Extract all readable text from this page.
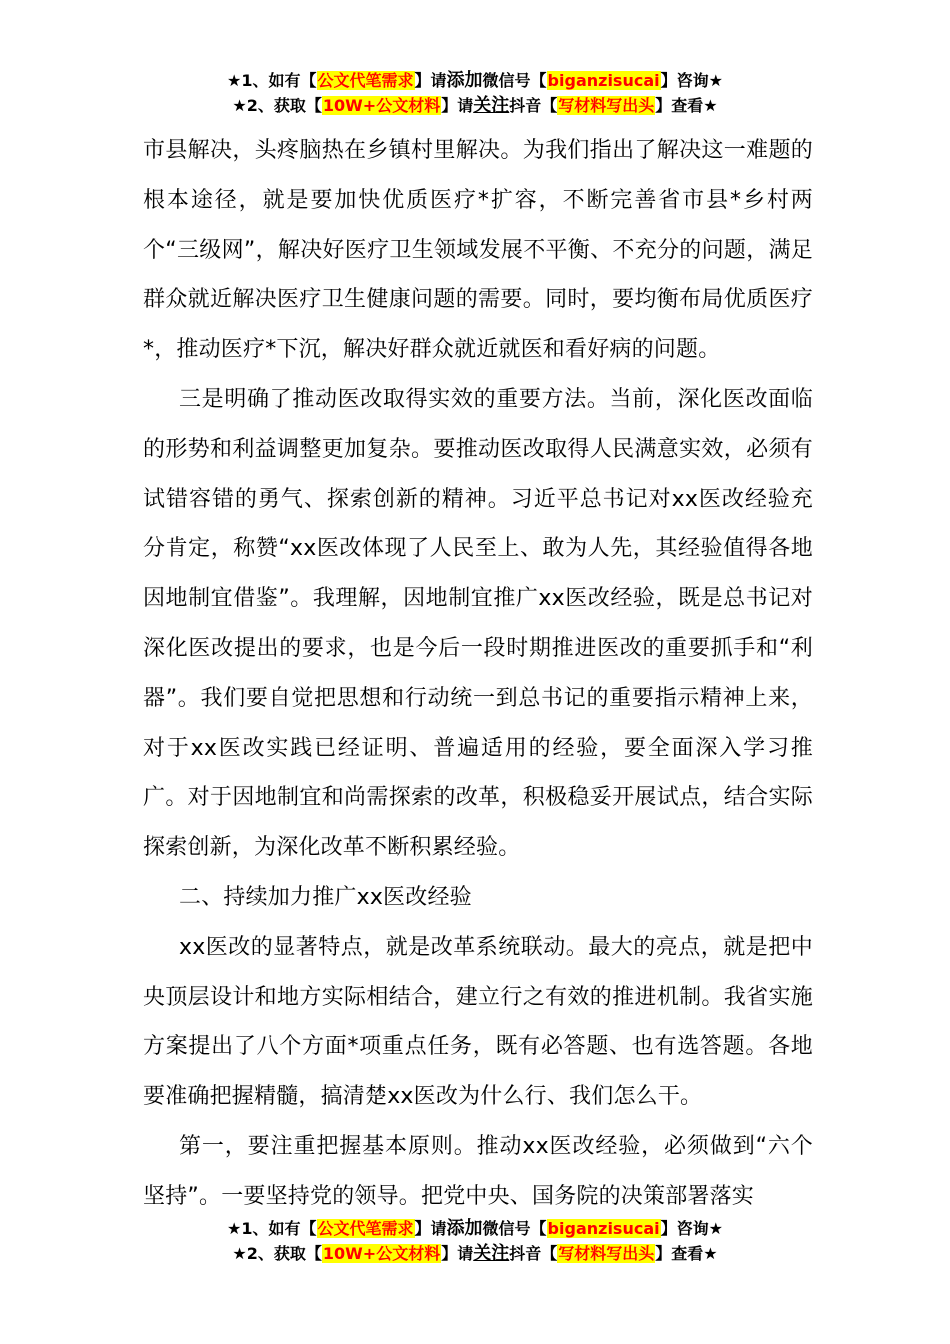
★1、如有【公文代笔需求】请添加微信号【biganzisucai】咨询★
★2、获取【10W+公文材料】请关注抖音【写材料写出头】查看★

市县解决，头疼脑热在乡镇村里解决。为我们指出了解决这一难题的根本途径，就是要加快优质医疗*扩容，不断完善省市县*乡村两个“三级网”，解决好医疗卫生领域发展不平衡、不充分的问题，满足群众就近解决医疗卫生健康问题的需要。同时，要均衡布局优质医疗*，推动医疗*下沉，解决好群众就近就医和看好病的问题。

三是明确了推动医改取得实效的重要方法。当前，深化医改面临的形势和利益调整更加复杂。要推动医改取得人民满意实效，必须有试错容错的勇气、探索创新的精神。习近平总书记对xx医改经验充分肯定，称赞“xx医改体现了人民至上、敢为人先，其经验值得各地因地制宜借鉴”。我理解，因地制宜推广xx医改经验，既是总书记对深化医改提出的要求，也是今后一段时期推进医改的重要抓手和“利器”。我们要自觉把思想和行动统一到总书记的重要指示精神上来，对于xx医改实践已经证明、普遍适用的经验，要全面深入学习推广。对于因地制宜和尚需探索的改革，积极稳妥开展试点，结合实际探索创新，为深化改革不断积累经验。

二、持续加力推广xx医改经验

xx医改的显著特点，就是改革系统联动。最大的亮点，就是把中央顶层设计和地方实际相结合，建立行之有效的推进机制。我省实施方案提出了八个方面*项重点任务，既有必答题、也有选答题。各地要准确把握精髓，搞清楚xx医改为什么行、我们怎么干。

第一，要注重把握基本原则。推动xx医改经验，必须做到“六个坚持”。一要坚持党的领导。把党中央、国务院的决策部署落实

★1、如有【公文代笔需求】请添加微信号【biganzisucai】咨询★
★2、获取【10W+公文材料】请关注抖音【写材料写出头】查看★
